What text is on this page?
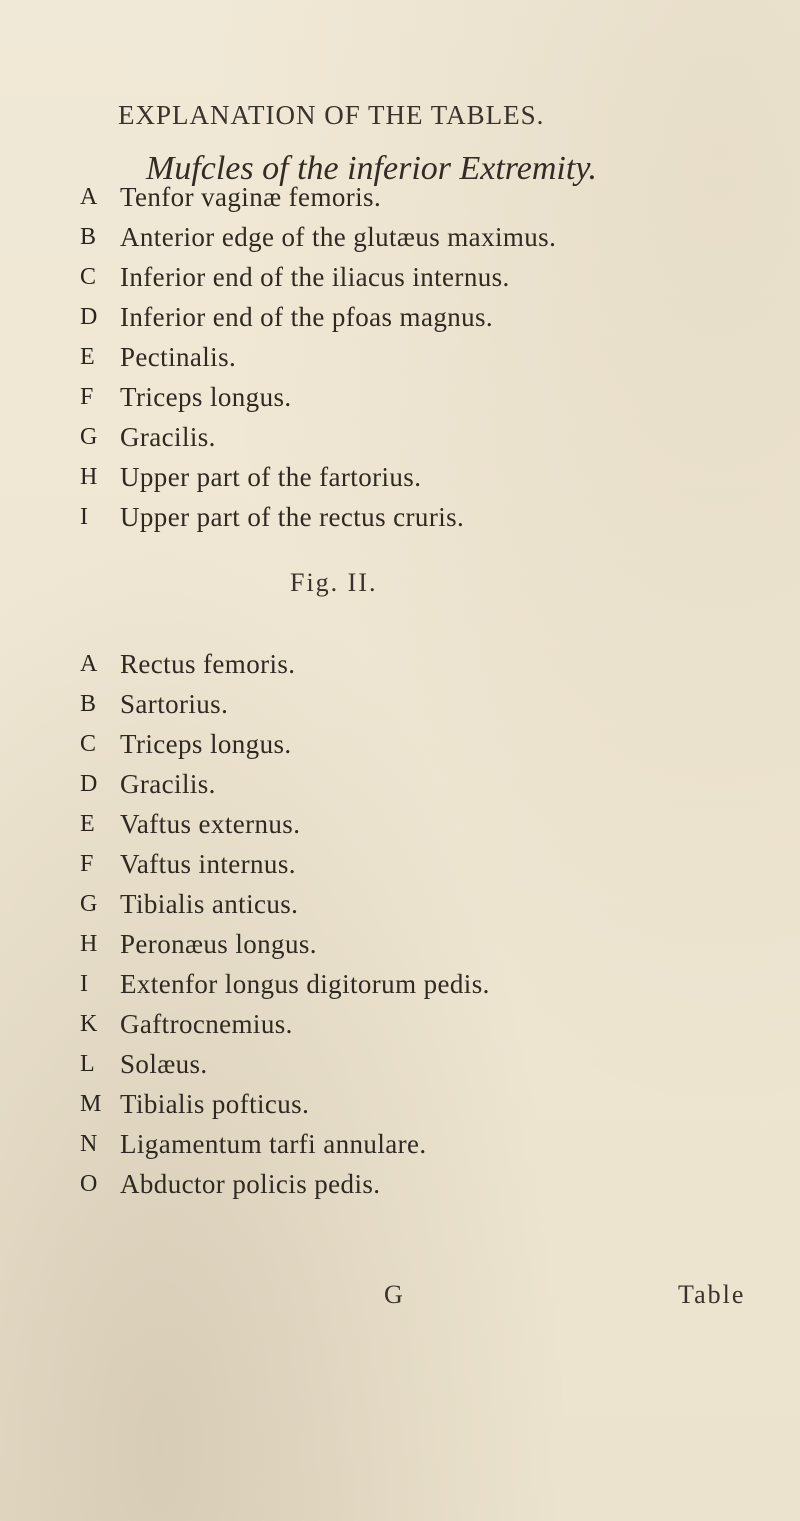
EXPLANATION OF THE TABLES.
Mufcles of the inferior Extremity.
A Tenfor vaginæ femoris.
B Anterior edge of the glutæus maximus.
C Inferior end of the iliacus internus.
D Inferior end of the pfoas magnus.
E Pectinalis.
F Triceps longus.
G Gracilis.
H Upper part of the fartorius.
I	Upper part of the rectus cruris.
Fig. II.
A Rectus femoris.
B Sartorius.
C Triceps longus.
D Gracilis.
E Vaftus externus.
F Vaftus internus.
G Tibialis anticus.
H Peronæus longus.
I	Extenfor longus digitorum pedis.
K Gaftrocnemius.
L Solæus.
M Tibialis pofticus.
N Ligamentum tarfi annulare.
O Abductor policis pedis.
G	Table
